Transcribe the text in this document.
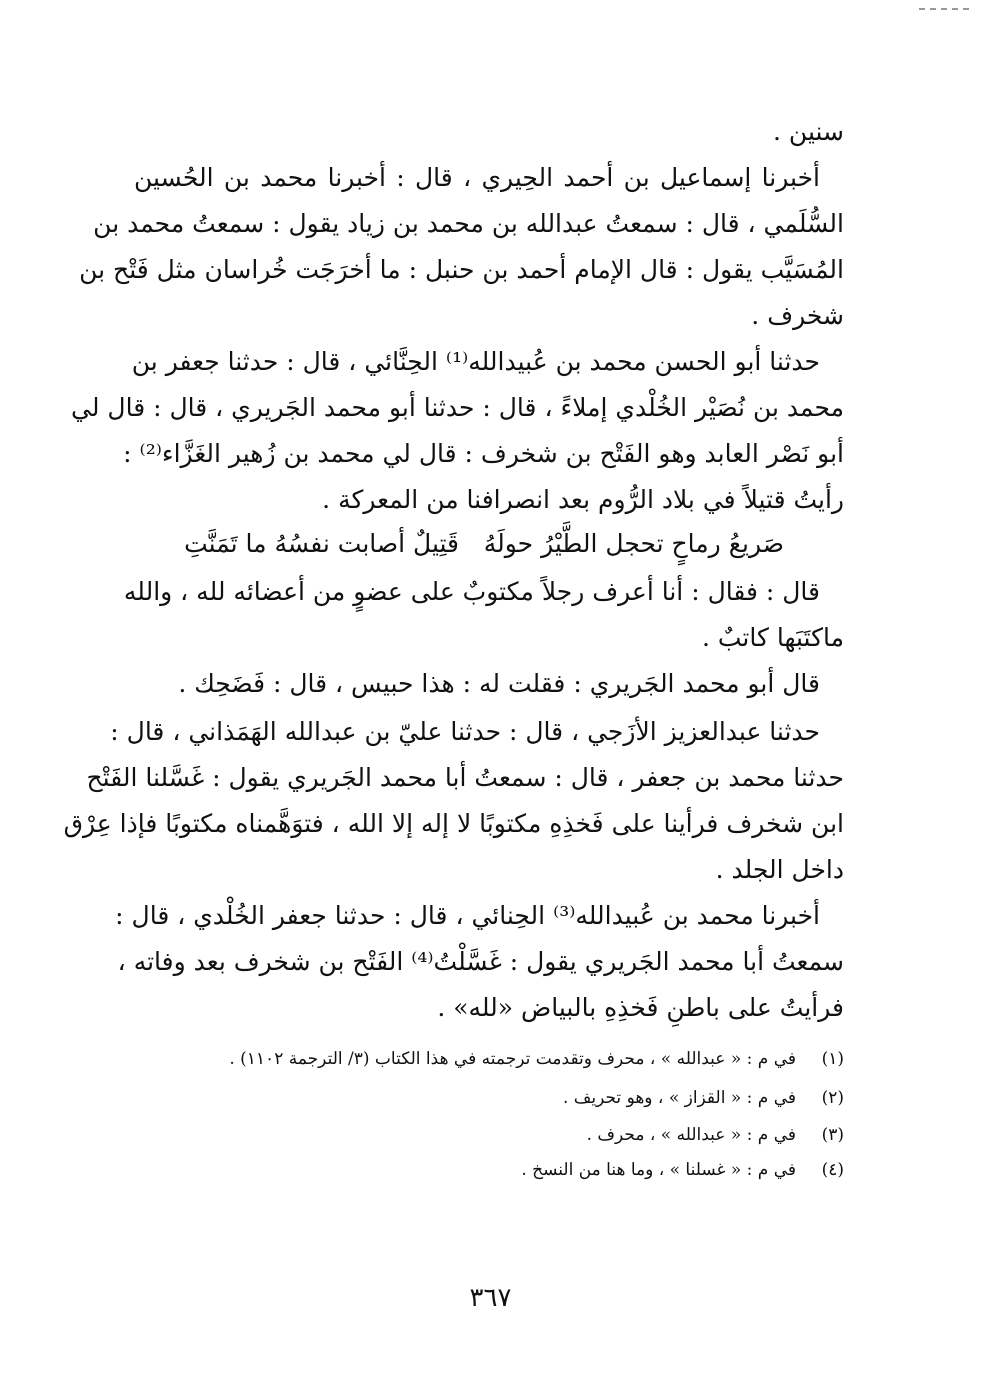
سنين .
أخبرنا إسماعيل بن أحمد الحِيري ، قال : أخبرنا محمد بن الحُسين
السُّلَمي ، قال : سمعتُ عبدالله بن محمد بن زياد يقول : سمعتُ محمد بن
المُسَيَّب يقول : قال الإمام أحمد بن حنبل : ما أخرَجَت خُراسان مثل فَتْح بن
شخرف .
حدثنا أبو الحسن محمد بن عُبيدالله⁽¹⁾ الحِنَّائي ، قال : حدثنا جعفر بن
محمد بن نُصَيْر الخُلْدي إملاءً ، قال : حدثنا أبو محمد الجَريري ، قال : قال لي
أبو نَصْر العابد وهو الفَتْح بن شخرف : قال لي محمد بن زُهير الغَزَّاء⁽²⁾ :
رأيتُ قتيلاً في بلاد الرُّوم بعد انصرافنا من المعركة .
صَريعُ رماحٍ تحجل الطَّيْرُ حولَهُ
قَتِيلٌ أصابت نفسُهُ ما تَمَنَّتِ
قال : فقال : أنا أعرف رجلاً مكتوبٌ على عضوٍ من أعضائه لله ، والله
ماكتَبَها كاتبٌ .
قال أبو محمد الجَريري : فقلت له : هذا حبيس ، قال : فَضَحِك .
حدثنا عبدالعزيز الأزَجي ، قال : حدثنا عليّ بن عبدالله الهَمَذاني ، قال :
حدثنا محمد بن جعفر ، قال : سمعتُ أبا محمد الجَريري يقول : غَسَّلنا الفَتْح
ابن شخرف فرأينا على فَخذِهِ مكتوبًا لا إله إلا الله ، فتوَهَّمناه مكتوبًا فإذا عِرْق
داخل الجلد .
أخبرنا محمد بن عُبيدالله⁽³⁾ الحِنائي ، قال : حدثنا جعفر الخُلْدي ، قال :
سمعتُ أبا محمد الجَريري يقول : غَسَّلْتُ⁽⁴⁾ الفَتْح بن شخرف بعد وفاته ،
فرأيتُ على باطنِ فَخذِهِ بالبياض «لله» .
(١)في م : « عبدالله » ، محرف وتقدمت ترجمته في هذا الكتاب (٣/ الترجمة ١١٠٢) .
(٢)في م : « القزاز » ، وهو تحريف .
(٣)في م : « عبدالله » ، محرف .
(٤)في م : « غسلنا » ، وما هنا من النسخ .
٣٦٧
